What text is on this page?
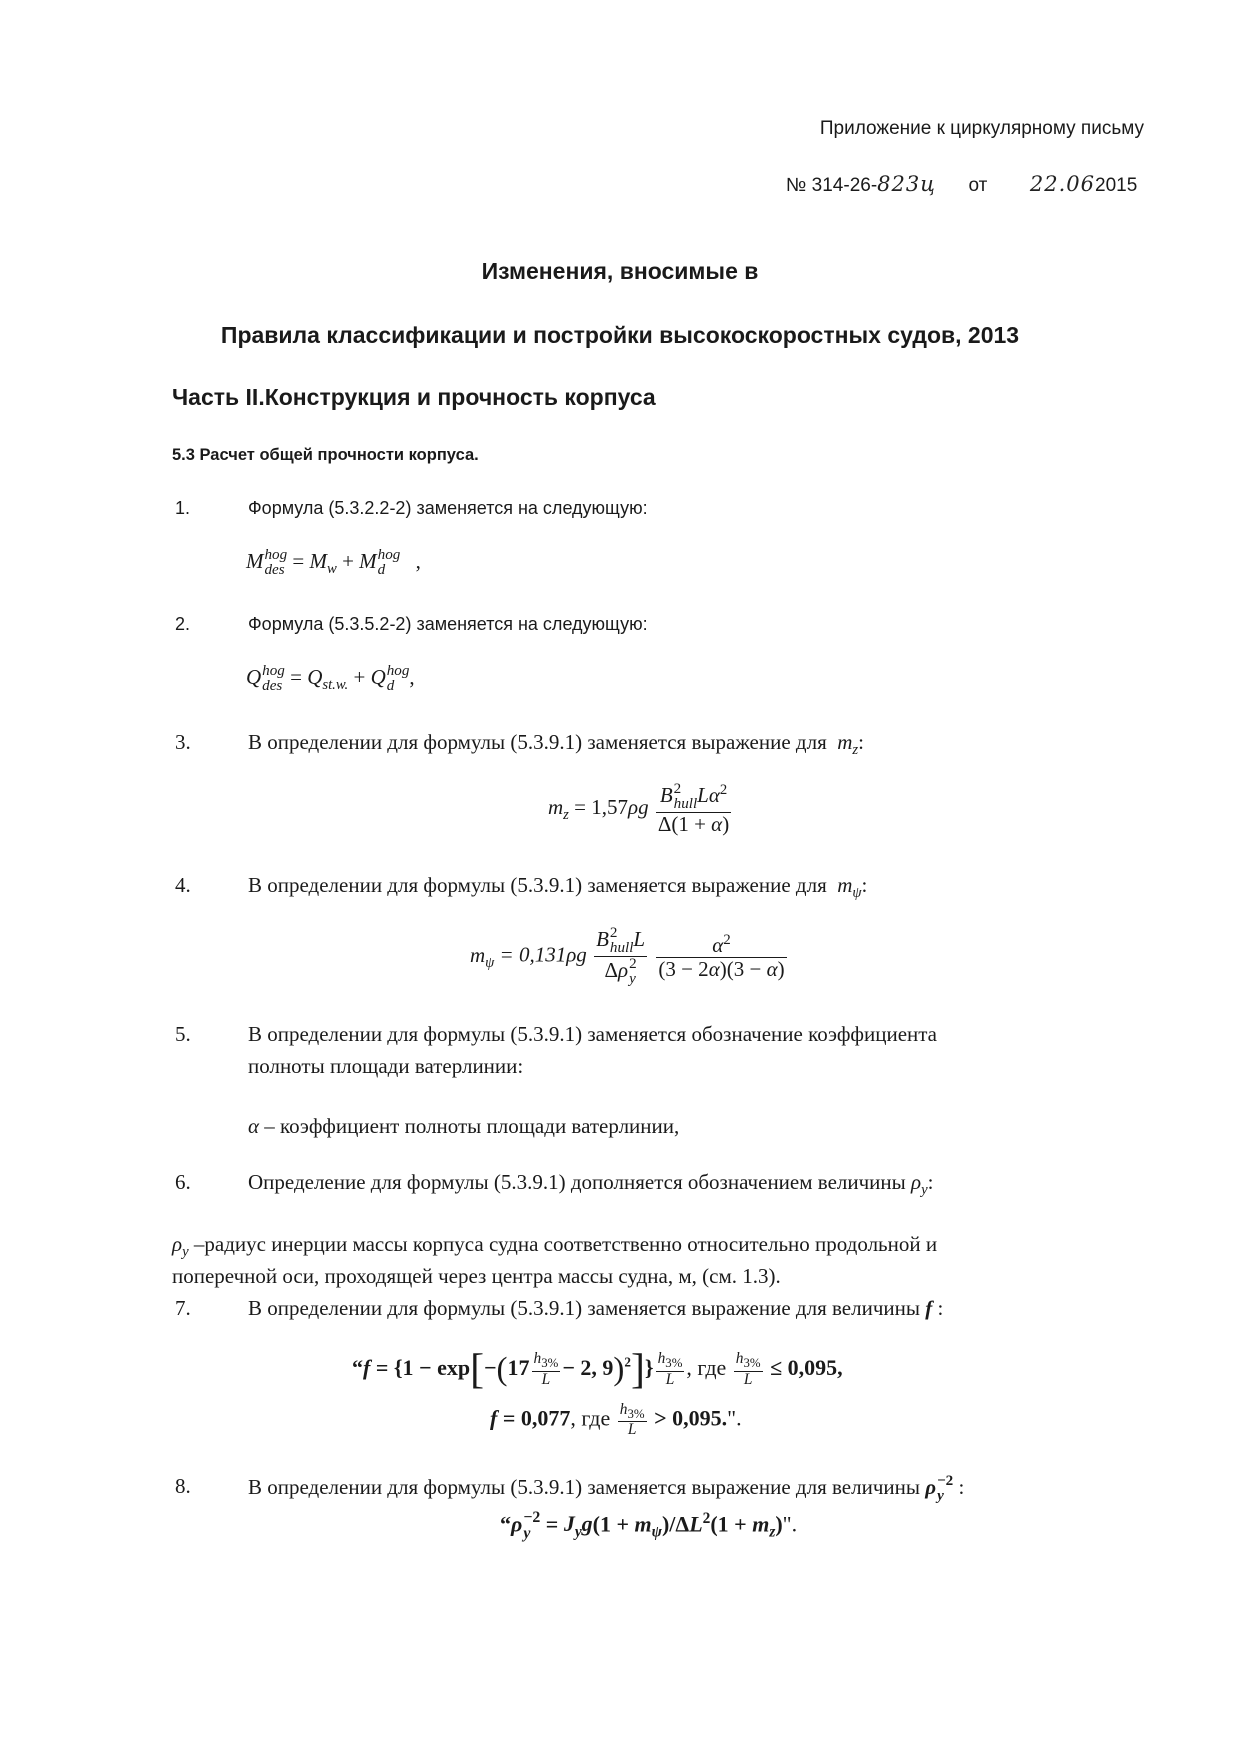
Приложение к циркулярному письму
№ 314-26-823ц от 22.062015
Изменения, вносимые в
Правила классификации и постройки высокоскоростных судов, 2013
Часть II.Конструкция и прочность корпуса
5.3 Расчет общей прочности корпуса.
1.	Формула (5.3.2.2-2) заменяется на следующую:
M hog
des = $M_w + M$ hog
d	,
2.	Формула (5.3.5.2-2) заменяется на следующую:
Q hog
des = $Q_{st.w.} + Q$ hog
d ,
3.	В определении для формулы (5.3.9.1) заменяется выражение для $m_z$:
$m_z = 1,57\rho g$ B 2
hull $L\alpha^2$
Δ(1 + α)
4.	В определении для формулы (5.3.9.1) заменяется выражение для $m_\psi$:
$m_\psi = 0,131\rho g$ B 2
hull L
Δρ 2
y
$\frac{\alpha^2}{(3 - 2\alpha)(3 - \alpha)}$
5.	В определении для формулы (5.3.9.1) заменяется обозначение коэффициента
полноты площади ватерлинии:
α – коэффициент полноты площади ватерлинии,
6.	Определение для формулы (5.3.9.1) дополняется обозначением величины $\rho_y$:
$\rho_y$ –радиус инерции массы корпуса судна соответственно относительно продольной и
поперечной оси, проходящей через центра массы судна, м, (см. 1.3).
7.	В определении для формулы (5.3.9.1) заменяется выражение для величины f :
“$f = \{1 - \exp[-(17 \frac{h_{3\%}}{L} - 2$, $9)^2]\} \frac{h_{3\%}}{L}$ , где $\frac{h_{3\%}}{L} \le 0,095$,
f = 0,077, где $\frac{h_{3\%}}{L} > 0,095$.".
8.	В определении для формулы (5.3.9.1) заменяется выражение для величины ρ −2
y :
“ρ −2
$y = J_yg(1 + m_\psi)/\Delta L^2(1 + m_z)$".
